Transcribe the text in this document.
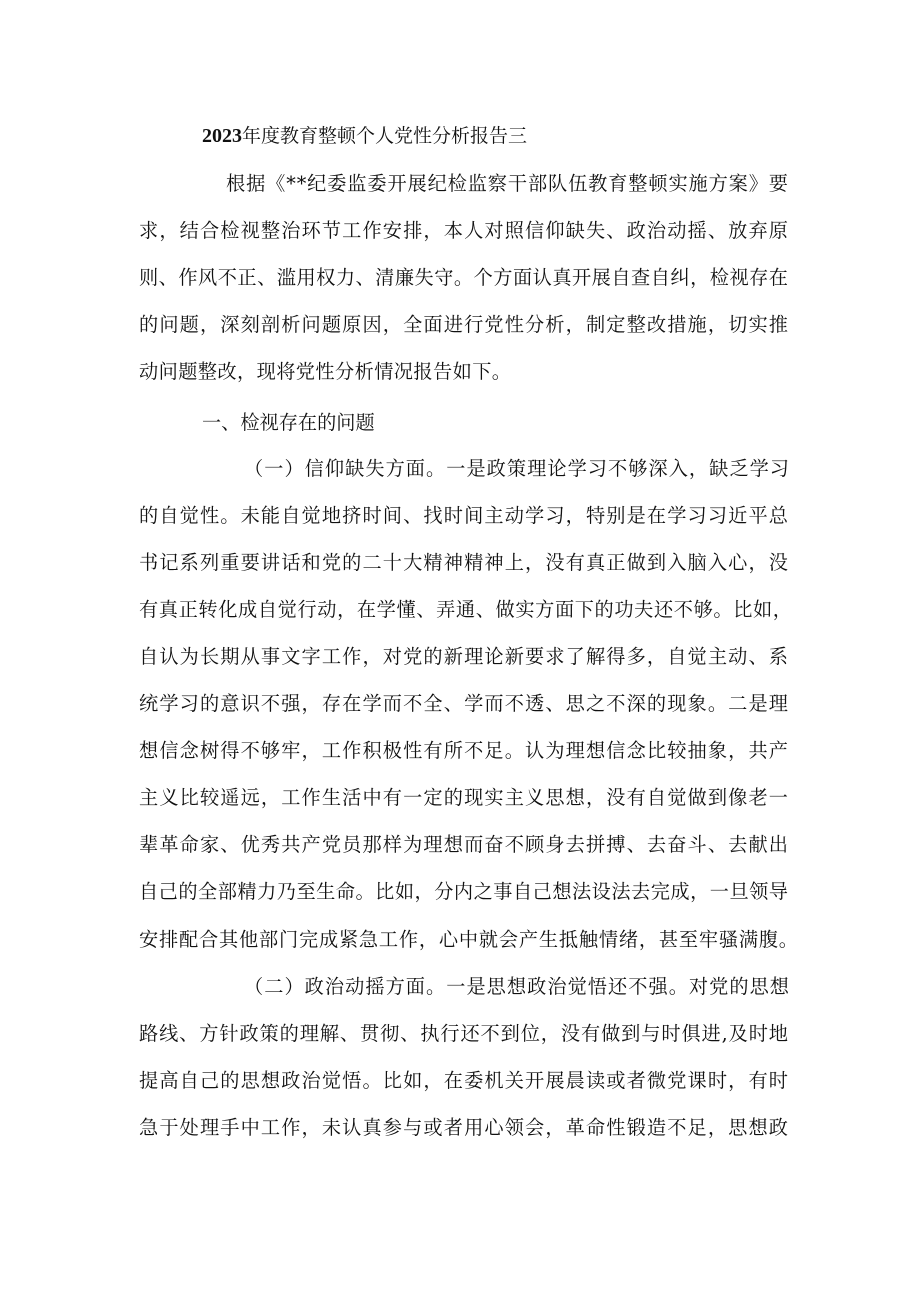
2023年度教育整顿个人党性分析报告三
根据《**纪委监委开展纪检监察干部队伍教育整顿实施方案》要
求，结合检视整治环节工作安排，本人对照信仰缺失、政治动摇、放弃原
则、作风不正、滥用权力、清廉失守。个方面认真开展自查自纠，检视存在
的问题，深刻剖析问题原因，全面进行党性分析，制定整改措施，切实推
动问题整改，现将党性分析情况报告如下。
一、检视存在的问题
（一）信仰缺失方面。一是政策理论学习不够深入，缺乏学习
的自觉性。未能自觉地挤时间、找时间主动学习，特别是在学习习近平总
书记系列重要讲话和党的二十大精神精神上，没有真正做到入脑入心，没
有真正转化成自觉行动，在学懂、弄通、做实方面下的功夫还不够。比如，
自认为长期从事文字工作，对党的新理论新要求了解得多，自觉主动、系
统学习的意识不强，存在学而不全、学而不透、思之不深的现象。二是理
想信念树得不够牢，工作积极性有所不足。认为理想信念比较抽象，共产
主义比较遥远，工作生活中有一定的现实主义思想，没有自觉做到像老一
辈革命家、优秀共产党员那样为理想而奋不顾身去拼搏、去奋斗、去献出
自己的全部精力乃至生命。比如，分内之事自己想法设法去完成，一旦领导
安排配合其他部门完成紧急工作，心中就会产生抵触情绪，甚至牢骚满腹。
（二）政治动摇方面。一是思想政治觉悟还不强。对党的思想
路线、方针政策的理解、贯彻、执行还不到位，没有做到与时俱进,及时地
提高自己的思想政治觉悟。比如，在委机关开展晨读或者微党课时，有时
急于处理手中工作，未认真参与或者用心领会，革命性锻造不足，思想政
